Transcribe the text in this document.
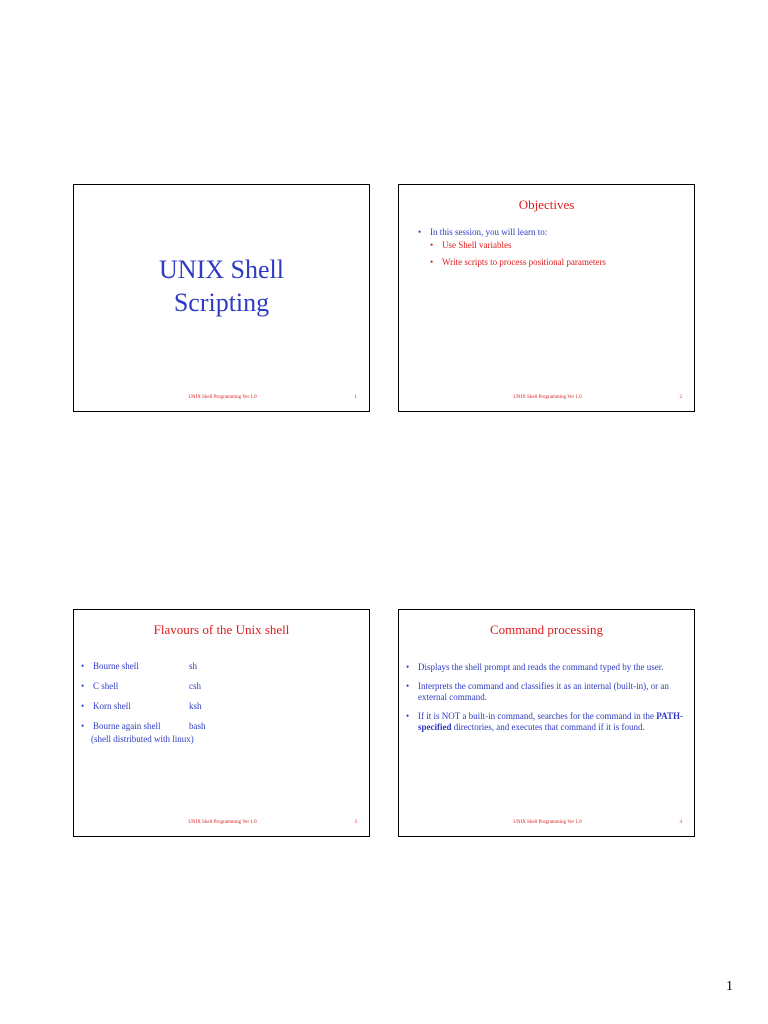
UNIX Shell
Scripting
UNIX Shell Programming Ver 1.0	1
Objectives
• In this session, you will learn to:
• Use Shell variables
• Write scripts to process positional parameters
UNIX Shell Programming Ver 1.0	2
Flavours of the Unix shell
• Bourne shell	sh
• C shell	csh
• Korn shell	ksh
• Bourne again shell	bash
(shell distributed with linux)
UNIX Shell Programming Ver 1.0	3
Command processing
• Displays the shell prompt and reads the command typed by the user.
• Interprets the command and classifies it as an internal (built-in), or an external command.
• If it is NOT a built-in command, searches for the command in the PATH-specified directories, and executes that command if it is found.
UNIX Shell Programming Ver 1.0	4
1
